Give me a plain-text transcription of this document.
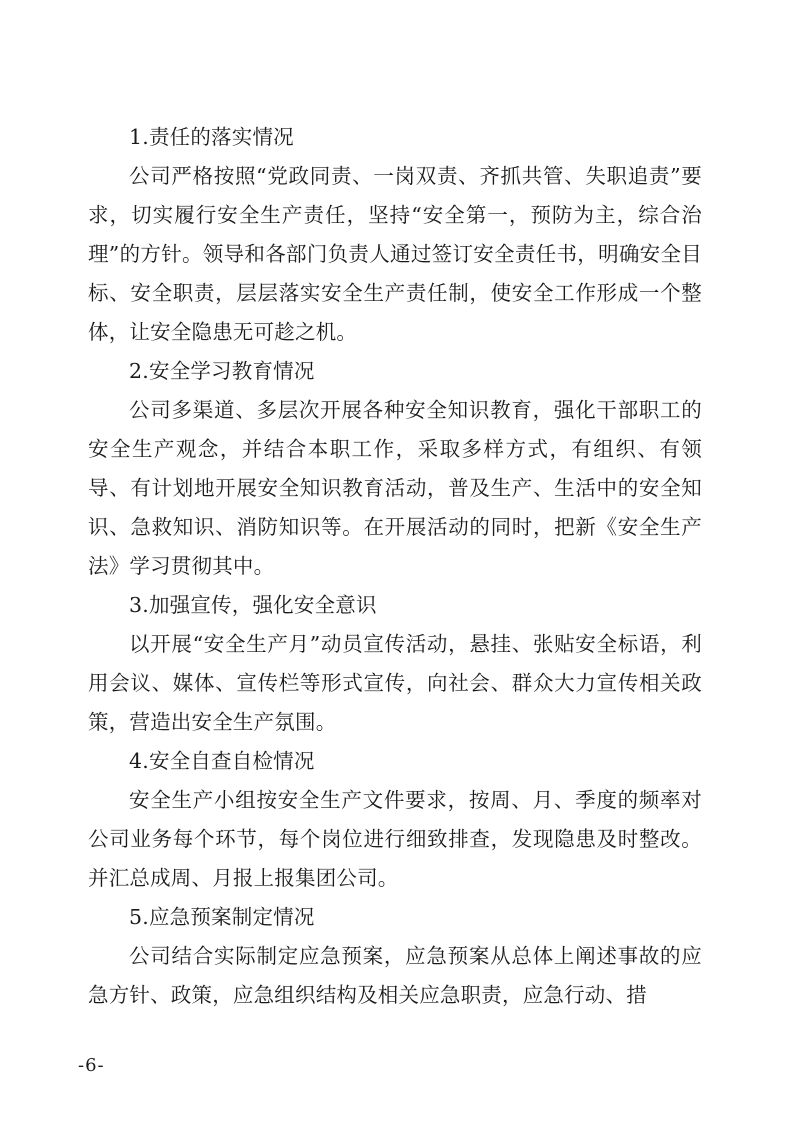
1.责任的落实情况

公司严格按照“党政同责、一岗双责、齐抓共管、失职追责”要求，切实履行安全生产责任，坚持“安全第一，预防为主，综合治理”的方针。领导和各部门负责人通过签订安全责任书，明确安全目标、安全职责，层层落实安全生产责任制，使安全工作形成一个整体，让安全隐患无可趁之机。

2.安全学习教育情况

公司多渠道、多层次开展各种安全知识教育，强化干部职工的安全生产观念，并结合本职工作，采取多样方式，有组织、有领导、有计划地开展安全知识教育活动，普及生产、生活中的安全知识、急救知识、消防知识等。在开展活动的同时，把新《安全生产法》学习贯彻其中。

3.加强宣传，强化安全意识

以开展“安全生产月”动员宣传活动，悬挂、张贴安全标语，利用会议、媒体、宣传栏等形式宣传，向社会、群众大力宣传相关政策，营造出安全生产氛围。

4.安全自查自检情况

安全生产小组按安全生产文件要求，按周、月、季度的频率对公司业务每个环节，每个岗位进行细致排查，发现隐患及时整改。并汇总成周、月报上报集团公司。

5.应急预案制定情况

公司结合实际制定应急预案，应急预案从总体上阐述事故的应急方针、政策，应急组织结构及相关应急职责，应急行动、措

-6-
